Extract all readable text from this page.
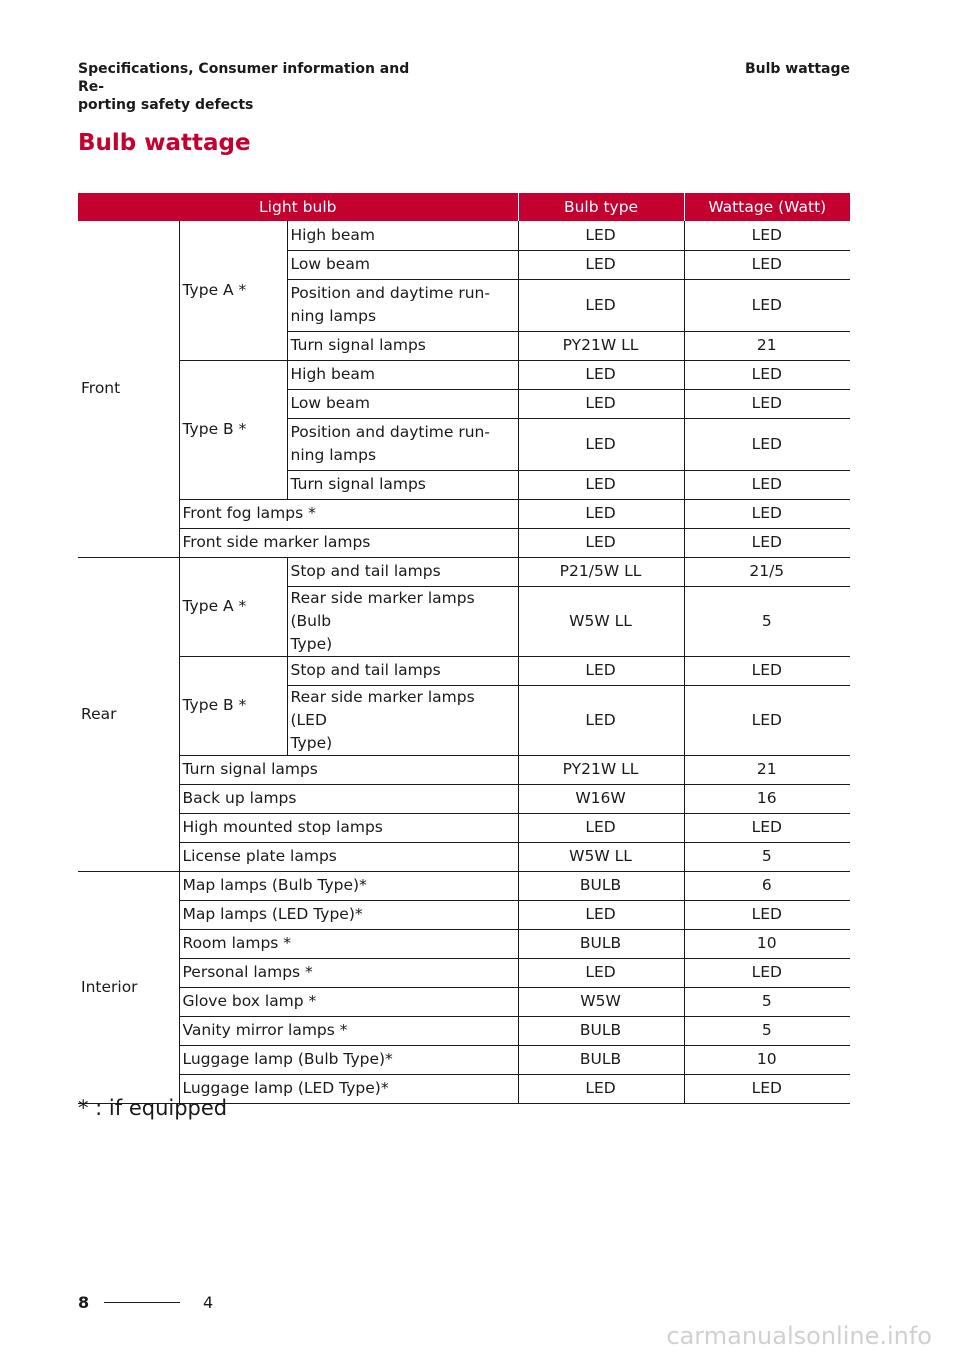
Specifications, Consumer information and Re-
porting safety defects
Bulb wattage
Bulb wattage
Light bulb			Bulb type	Wattage (Watt)
Front	Type A *	High beam	LED	LED
		Low beam	LED	LED
		Position and daytime run-
ning lamps	LED	LED
		Turn signal lamps	PY21W LL	21
	Type B *	High beam	LED	LED
		Low beam	LED	LED
		Position and daytime run-
ning lamps	LED	LED
		Turn signal lamps	LED	LED
	Front fog lamps *		LED	LED
	Front side marker lamps		LED	LED
Rear	Type A *	Stop and tail lamps	P21/5W LL	21/5
		Rear side marker lamps (Bulb
Type)	W5W LL	5
	Type B *	Stop and tail lamps	LED	LED
		Rear side marker lamps (LED
Type)	LED	LED
	Turn signal lamps		PY21W LL	21
	Back up lamps		W16W	16
	High mounted stop lamps		LED	LED
	License plate lamps		W5W LL	5
Interior	Map lamps (Bulb Type)*		BULB	6
	Map lamps (LED Type)*		LED	LED
	Room lamps *		BULB	10
	Personal lamps *		LED	LED
	Glove box lamp *		W5W	5
	Vanity mirror lamps *		BULB	5
	Luggage lamp (Bulb Type)*		BULB	10
	Luggage lamp (LED Type)*		LED	LED
* : if equipped
8	4
carmanualsonline.info
